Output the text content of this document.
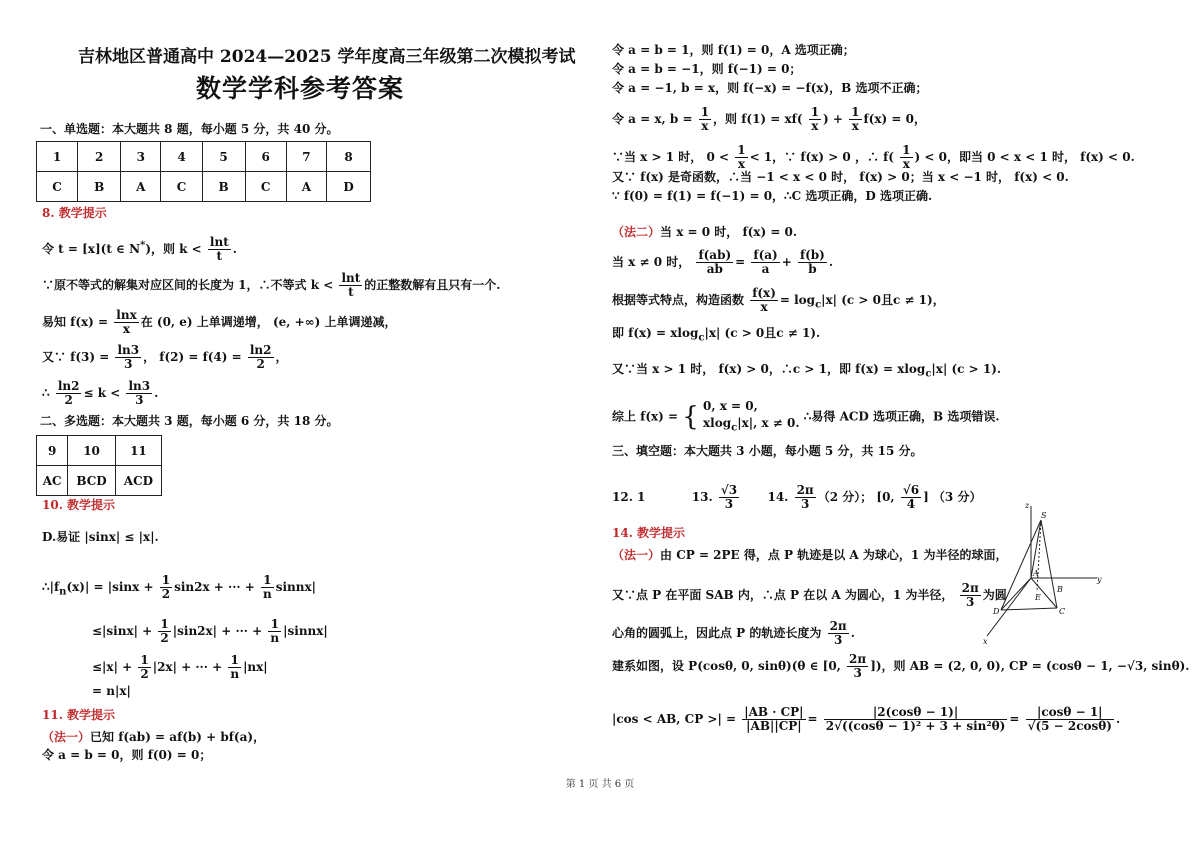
吉林地区普通高中 2024—2025 学年度高三年级第二次模拟考试
数学学科参考答案
一、单选题：本大题共 8 题，每小题 5 分，共 40 分。
1	2	3	4	5	6	7	8
C	B	A	C	B	C	A	D
8. 教学提示
令 t = [x](t ∈ N*)，则 $k < \frac{\ln t}{t}$ .
∵原不等式的解集对应区间的长度为 1，∴不等式 $k < \frac{\ln t}{t}$ 的正整数解有且只有一个.
易知 $f(x) = \frac{\ln x}{x}$ 在 (0, e) 上单调递增， (e, +∞) 上单调递减，
又∵ $f(3) = \frac{\ln 3}{3}$ ， $f(2) = f(4) = \frac{\ln 2}{2}$ ，
∴ $\frac{\ln 2}{2} \le k < \frac{\ln 3}{3}$ .
二、多选题：本大题共 3 题，每小题 6 分，共 18 分。
9	10	11
AC	BCD	ACD
10. 教学提示
D.易证 |sinx| ≤ |x|.
$\therefore|f_n(x)| = |\sin x + \frac{1}{2} \sin 2x$ + ··· + $\frac{1}{n}$ sinnx|
$\le|\sin x| + \frac{1}{2} |\sin 2x|$ + ··· + $\frac{1}{n}$ |sinnx|
$\le|x| + \frac{1}{2} |2x|$ + ··· + $\frac{1}{n} |nx|$
= n|x|
11. 教学提示
（法一）已知 f(ab) = af(b) + bf(a)，
令 a = b = 0，则 f(0) = 0；
令 a = b = 1，则 f(1) = 0，A 选项正确；
令 a = b = −1，则 f(−1) = 0；
令 a = −1, b = x，则 f(−x) = −f(x)，B 选项不正确；
令 a = x, $b = \frac{1}{x}$ ，则 $f(1) = xf( \frac{1}{x}$ ) + $\frac{1}{x} f(x) = 0$，
∵当 x > 1 时， $0 < \frac{1}{x} < 1$，∵ f(x) > 0 ，∴ $f( \frac{1}{x}$ ) < 0，即当 0 < x < 1 时， f(x) < 0.
又∵ f(x) 是奇函数，∴当 −1 < x < 0 时， f(x) > 0；当 x < −1 时， f(x) < 0.
∵ f(0) = f(1) = f(−1) = 0，∴C 选项正确，D 选项正确.
（法二）当 x = 0 时， f(x) = 0.
当 x ≠ 0 时， $\frac{f(ab)}{ab} = \frac{f(a)}{a} + \frac{f(b)}{b}$ .
根据等式特点，构造函数 $\frac{f(x)}{x} = \log_c|x|$ (c > 0且c ≠ 1)，
即 f(x) = xlog$_c$|x| (c > 0且c ≠ 1).
又∵当 x > 1 时， f(x) > 0，∴c > 1，即 f(x) = xlog$_c$|x| (c > 1).
综上 f(x) = { 0, x = 0,
xlog$_c$|x|, x ≠ 0. ∴易得 ACD 选项正确，B 选项错误.
三、填空题：本大题共 3 小题，每小题 5 分，共 15 分。
12. 1	13. $\frac{√3}{3} 14$. $\frac{2\pi}{3} (2$ 分）； [0, $\frac{√6}{4}$ ] （3 分）
14. 教学提示
（法一）由 CP = 2PE 得，点 P 轨迹是以 A 为球心，1 为半径的球面，
又∵点 P 在平面 SAB 内，∴点 P 在以 A 为圆心，1 为半径， $\frac{2\pi}{3}$ 为圆
心角的圆弧上，因此点 P 的轨迹长度为 $\frac{2\pi}{3}$ .
建系如图，设 P(cosθ, 0, sinθ)(θ ∈ [0, $\frac{2\pi}{3}$ ])，则 AB = (2, 0, 0), CP = (cosθ − 1, −√3, sinθ).
|cos < AB, CP >| = $\frac{|AB \cdot CP|}{|AB||CP|} = \frac{|2(\cos\theta - 1)|}{\text{2√((cosθ − 1)² + 3 + sin²θ)}} = \frac{|\cos\theta - 1|}{√(5 - 2\cos\theta)}$ .
z
S
y
A
E
B
C
D
x
第 1 页 共 6 页
